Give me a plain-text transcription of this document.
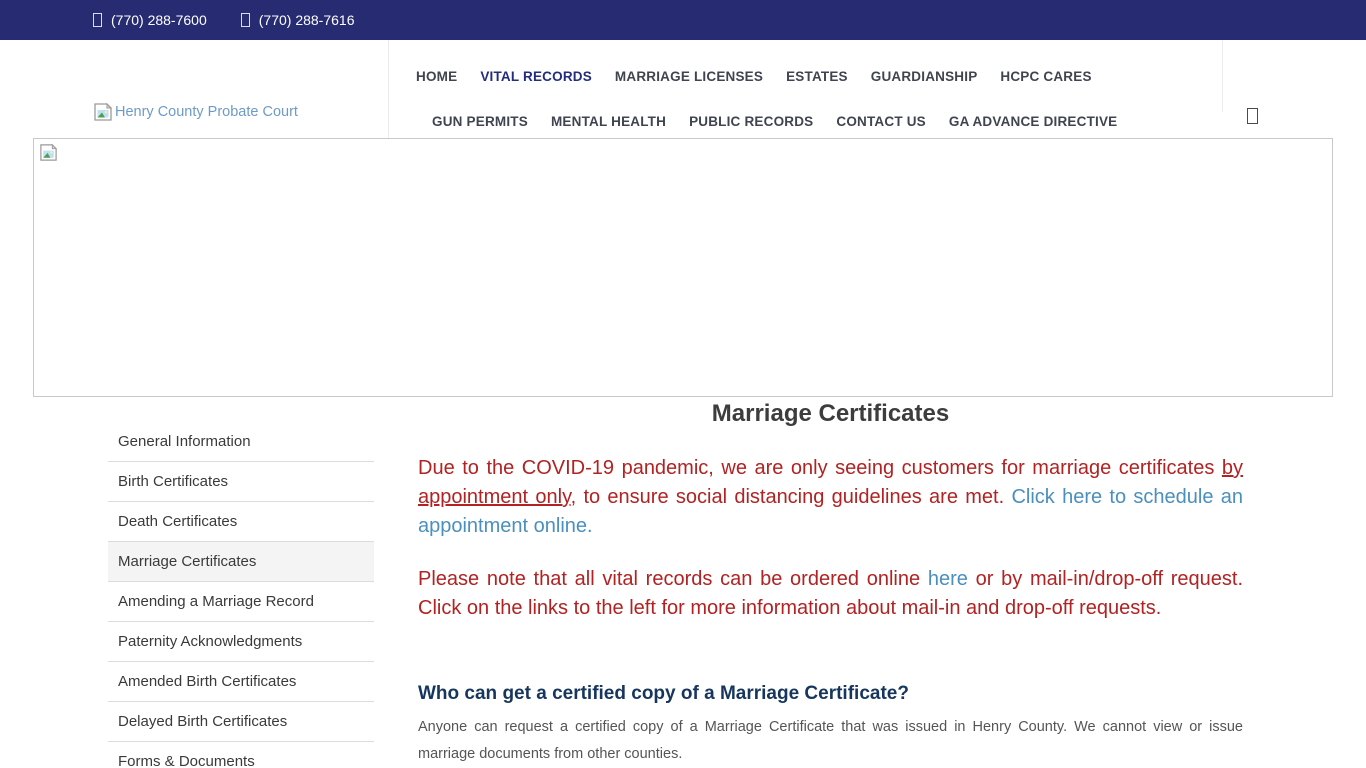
(770) 288-7600	(770) 288-7616
Henry County Probate Court
HOME VITAL RECORDS MARRIAGE LICENSES ESTATES GUARDIANSHIP HCPC CARES
GUN PERMITS MENTAL HEALTH PUBLIC RECORDS CONTACT US GA ADVANCE DIRECTIVE
General Information
Birth Certificates
Death Certificates
Marriage Certificates
Amending a Marriage Record
Paternity Acknowledgments
Amended Birth Certificates
Delayed Birth Certificates
Forms & Documents
Marriage Certificates

Due to the COVID-19 pandemic, we are only seeing customers for marriage certificates by appointment only, to ensure social distancing guidelines are met. Click here to schedule an appointment online.

Please note that all vital records can be ordered online here or by mail-in/drop-off request. Click on the links to the left for more information about mail-in and drop-off requests.

Who can get a certified copy of a Marriage Certificate?

Anyone can request a certified copy of a Marriage Certificate that was issued in Henry County. We cannot view or issue marriage documents from other counties.
